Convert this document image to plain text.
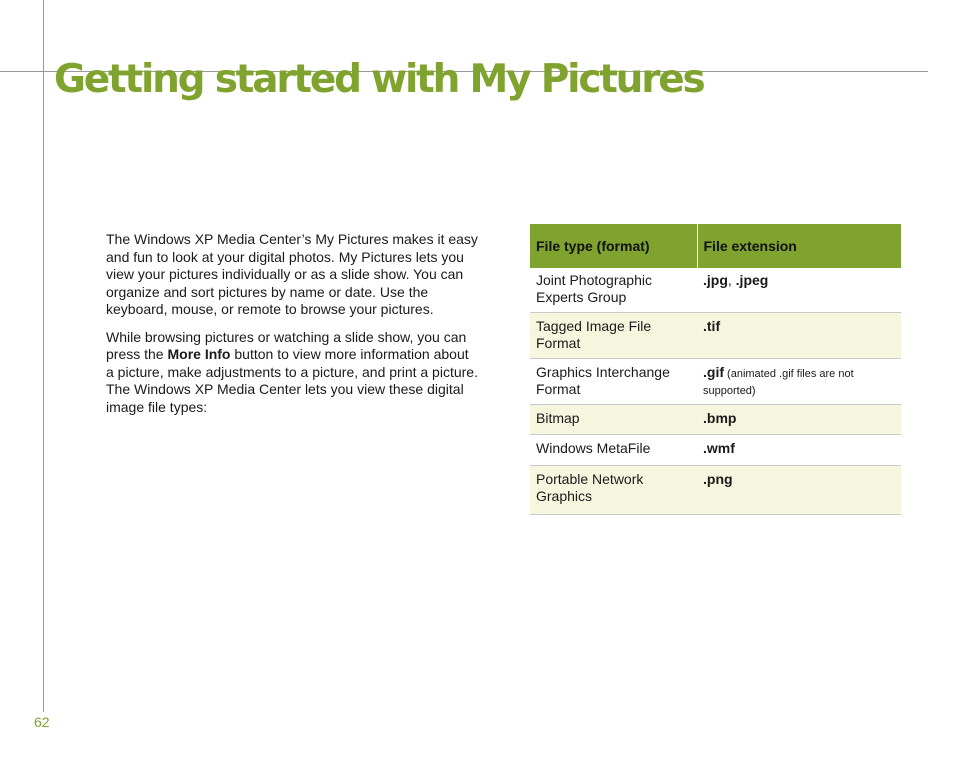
Getting started with My Pictures

The Windows XP Media Center’s My Pictures makes it easy and fun to look at your digital photos. My Pictures lets you view your pictures individually or as a slide show. You can organize and sort pictures by name or date. Use the keyboard, mouse, or remote to browse your pictures.

While browsing pictures or watching a slide show, you can press the More Info button to view more information about a picture, make adjustments to a picture, and print a picture. The Windows XP Media Center lets you view these digital image file types:

File type (format)	File extension
Joint Photographic Experts Group	.jpg, .jpeg
Tagged Image File Format	.tif
Graphics Interchange Format	.gif (animated .gif files are not supported)
Bitmap	.bmp
Windows MetaFile	.wmf
Portable Network Graphics	.png
62
